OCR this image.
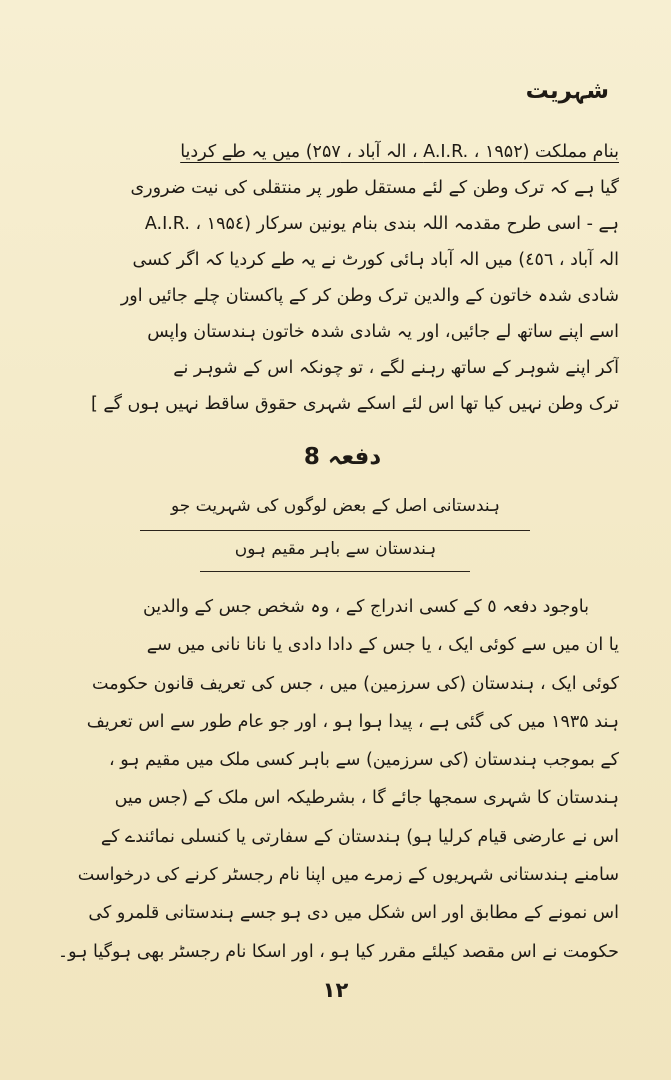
شہریت
بنام مملکت (A.I.R. ، ۱۹۵۲ ، الہ آباد ، ۲۵۷) میں یہ طے کردیا
گیا ہے کہ ترک وطن کے لئے مستقل طور پر منتقلی کی نیت ضروری
ہے - اسی طرح مقدمہ اللہ بندی بنام یونین سرکار (A.I.R. ، ۱۹۵٤
الہ آباد ، ٤٥٦) میں الہ آباد ہائی کورٹ نے یہ طے کردیا کہ اگر کسی
شادی شدہ خاتون کے والدین ترک وطن کر کے پاکستان چلے جائیں اور
اسے اپنے ساتھ لے جائیں، اور یہ شادی شدہ خاتون ہندستان واپس
آکر اپنے شوہر کے ساتھ رہنے لگے ، تو چونکہ اس کے شوہر نے
ترک وطن نہیں کیا تھا اس لئے اسکے شہری حقوق ساقط نہیں ہوں گے ]
دفعہ 8
ہندستانی اصل کے بعض لوگوں کی شہریت جو
ہندستان سے باہر مقیم ہوں
باوجود دفعہ ٥ کے کسی اندراج کے ، وہ شخص جس کے والدین
یا ان میں سے کوئی ایک ، یا جس کے دادا دادی یا نانا نانی میں سے
کوئی ایک ، ہندستان (کی سرزمین) میں ، جس کی تعریف قانون حکومت
ہند ۱۹۳۵ میں کی گئی ہے ، پیدا ہوا ہو ، اور جو عام طور سے اس تعریف
کے بموجب ہندستان (کی سرزمین) سے باہر کسی ملک میں مقیم ہو ،
ہندستان کا شہری سمجھا جائے گا ، بشرطیکہ اس ملک کے (جس میں
اس نے عارضی قیام کرلیا ہو) ہندستان کے سفارتی یا کنسلی نمائندے کے
سامنے ہندستانی شہریوں کے زمرے میں اپنا نام رجسٹر کرنے کی درخواست
اس نمونے کے مطابق اور اس شکل میں دی ہو جسے ہندستانی قلمرو کی
حکومت نے اس مقصد کیلئے مقرر کیا ہو ، اور اسکا نام رجسٹر بھی ہوگیا ہو۔
۱۲
